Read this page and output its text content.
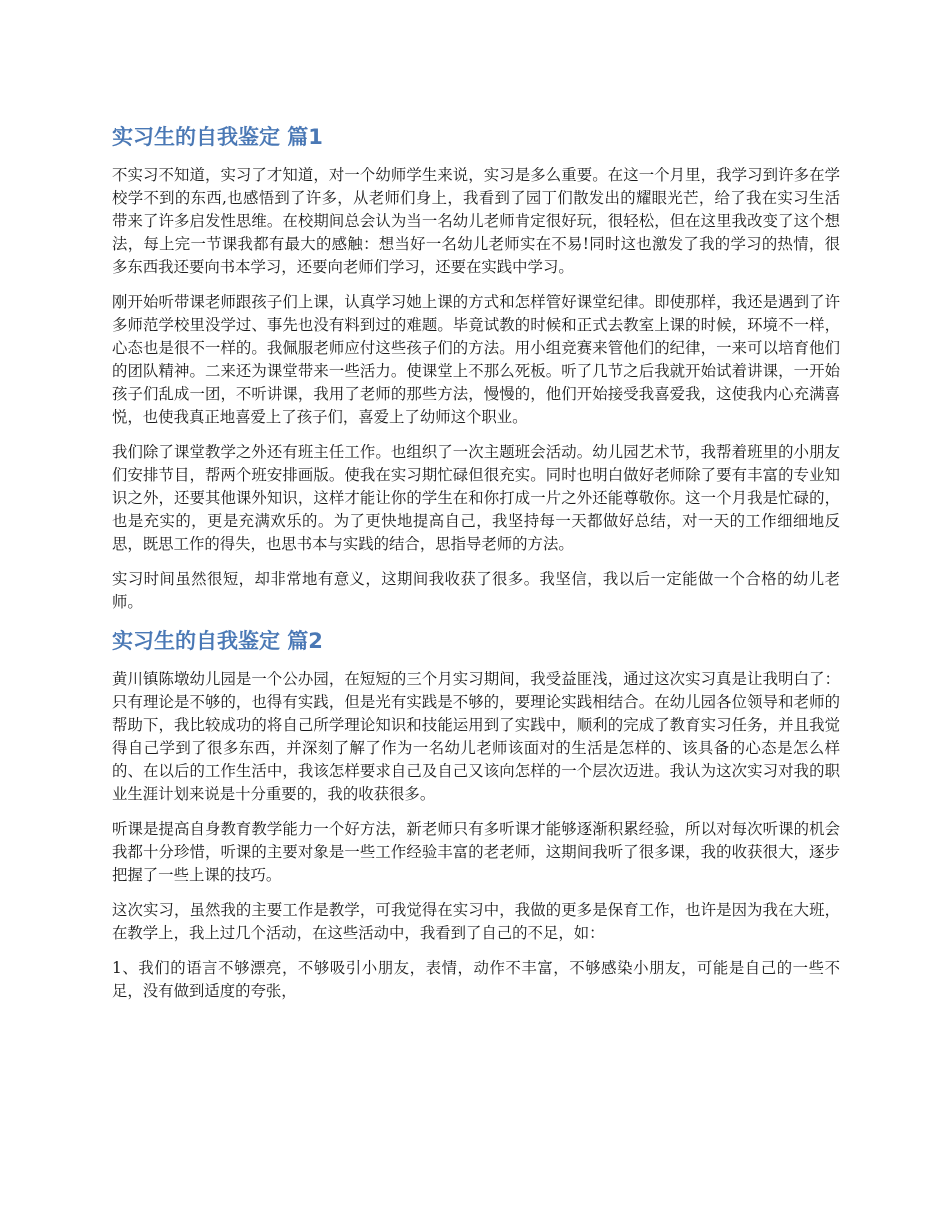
实习生的自我鉴定 篇1

不实习不知道，实习了才知道，对一个幼师学生来说，实习是多么重要。在这一个月里，我学习到许多在学校学不到的东西,也感悟到了许多，从老师们身上，我看到了园丁们散发出的耀眼光芒，给了我在实习生活带来了许多启发性思维。在校期间总会认为当一名幼儿老师肯定很好玩，很轻松，但在这里我改变了这个想法，每上完一节课我都有最大的感触：想当好一名幼儿老师实在不易!同时这也激发了我的学习的热情，很多东西我还要向书本学习，还要向老师们学习，还要在实践中学习。

刚开始听带课老师跟孩子们上课，认真学习她上课的方式和怎样管好课堂纪律。即使那样，我还是遇到了许多师范学校里没学过、事先也没有料到过的难题。毕竟试教的时候和正式去教室上课的时候，环境不一样，心态也是很不一样的。我佩服老师应付这些孩子们的方法。用小组竞赛来管他们的纪律，一来可以培育他们的团队精神。二来还为课堂带来一些活力。使课堂上不那么死板。听了几节之后我就开始试着讲课，一开始孩子们乱成一团，不听讲课，我用了老师的那些方法，慢慢的，他们开始接受我喜爱我，这使我内心充满喜悦，也使我真正地喜爱上了孩子们，喜爱上了幼师这个职业。

我们除了课堂教学之外还有班主任工作。也组织了一次主题班会活动。幼儿园艺术节，我帮着班里的小朋友们安排节目，帮两个班安排画版。使我在实习期忙碌但很充实。同时也明白做好老师除了要有丰富的专业知识之外，还要其他课外知识，这样才能让你的学生在和你打成一片之外还能尊敬你。这一个月我是忙碌的，也是充实的，更是充满欢乐的。为了更快地提高自己，我坚持每一天都做好总结，对一天的工作细细地反思，既思工作的得失，也思书本与实践的结合，思指导老师的方法。

实习时间虽然很短，却非常地有意义，这期间我收获了很多。我坚信，我以后一定能做一个合格的幼儿老师。

实习生的自我鉴定 篇2

黄川镇陈墩幼儿园是一个公办园，在短短的三个月实习期间，我受益匪浅，通过这次实习真是让我明白了：只有理论是不够的，也得有实践，但是光有实践是不够的，要理论实践相结合。在幼儿园各位领导和老师的帮助下，我比较成功的将自己所学理论知识和技能运用到了实践中，顺利的完成了教育实习任务，并且我觉得自己学到了很多东西，并深刻了解了作为一名幼儿老师该面对的生活是怎样的、该具备的心态是怎么样的、在以后的工作生活中，我该怎样要求自己及自己又该向怎样的一个层次迈进。我认为这次实习对我的职业生涯计划来说是十分重要的，我的收获很多。

听课是提高自身教育教学能力一个好方法，新老师只有多听课才能够逐渐积累经验，所以对每次听课的机会我都十分珍惜，听课的主要对象是一些工作经验丰富的老老师，这期间我听了很多课，我的收获很大，逐步把握了一些上课的技巧。

这次实习，虽然我的主要工作是教学，可我觉得在实习中，我做的更多是保育工作，也许是因为我在大班，在教学上，我上过几个活动，在这些活动中，我看到了自己的不足，如：

1、我们的语言不够漂亮，不够吸引小朋友，表情，动作不丰富，不够感染小朋友，可能是自己的一些不足，没有做到适度的夸张，
